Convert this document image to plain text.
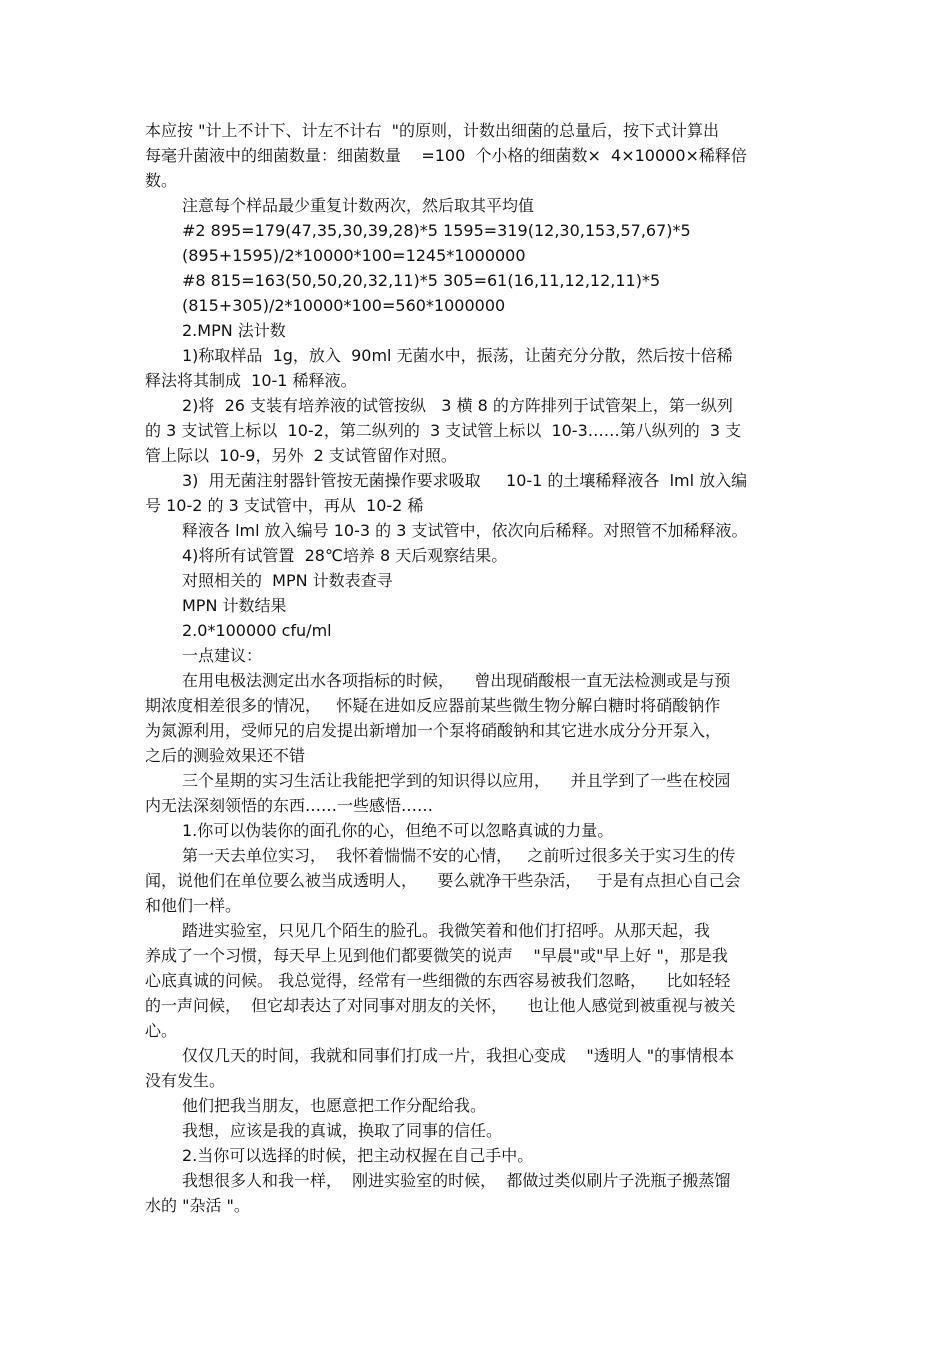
本应按 "计上不计下、计左不计右  "的原则，计数出细菌的总量后，按下式计算出
每毫升菌液中的细菌数量：细菌数量    =100  个小格的细菌数×  4×10000×稀释倍
数。
注意每个样品最少重复计数两次，然后取其平均值
#2 895=179(47,35,30,39,28)*5 1595=319(12,30,153,57,67)*5
(895+1595)/2*10000*100=1245*1000000
#8 815=163(50,50,20,32,11)*5 305=61(16,11,12,12,11)*5
(815+305)/2*10000*100=560*1000000
2.MPN 法计数
1)称取样品  1g，放入  90ml 无菌水中，振荡，让菌充分分散，然后按十倍稀
释法将其制成  10-1 稀释液。
2)将  26 支装有培养液的试管按纵   3 横 8 的方阵排列于试管架上，第一纵列
的 3 支试管上标以  10-2，第二纵列的  3 支试管上标以  10-3……第八纵列的  3 支
管上际以  10-9，另外  2 支试管留作对照。
3)  用无菌注射器针管按无菌操作要求吸取     10-1 的土壤稀释液各  lml 放入编
号 10-2 的 3 支试管中，再从  10-2 稀
释液各 lml 放入编号 10-3 的 3 支试管中，依次向后稀释。对照管不加稀释液。
4)将所有试管置  28℃培养 8 天后观察结果。
对照相关的  MPN 计数表查寻
MPN 计数结果
2.0*100000 cfu/ml
一点建议：
在用电极法测定出水各项指标的时候，    曾出现硝酸根一直无法检测或是与预
期浓度相差很多的情况，   怀疑在进如反应器前某些微生物分解白糖时将硝酸钠作
为氮源利用，受师兄的启发提出新增加一个泵将硝酸钠和其它进水成分分开泵入，
之后的测验效果还不错
三个星期的实习生活让我能把学到的知识得以应用，    并且学到了一些在校园
内无法深刻领悟的东西……一些感悟……
1.你可以伪装你的面孔你的心，但绝不可以忽略真诚的力量。
第一天去单位实习，  我怀着惴惴不安的心情，   之前听过很多关于实习生的传
闻，说他们在单位要么被当成透明人，    要么就净干些杂活，   于是有点担心自己会
和他们一样。
踏进实验室，只见几个陌生的脸孔。我微笑着和他们打招呼。从那天起，我
养成了一个习惯，每天早上见到他们都要微笑的说声    "早晨"或"早上好 "，那是我
心底真诚的问候。 我总觉得，经常有一些细微的东西容易被我们忽略，    比如轻轻
的一声问候，  但它却表达了对同事对朋友的关怀，    也让他人感觉到被重视与被关
心。
仅仅几天的时间，我就和同事们打成一片，我担心变成    "透明人 "的事情根本
没有发生。
他们把我当朋友，也愿意把工作分配给我。
我想，应该是我的真诚，换取了同事的信任。
2.当你可以选择的时候，把主动权握在自己手中。
我想很多人和我一样，  刚进实验室的时候，  都做过类似刷片子洗瓶子搬蒸馏
水的 "杂活 "。
